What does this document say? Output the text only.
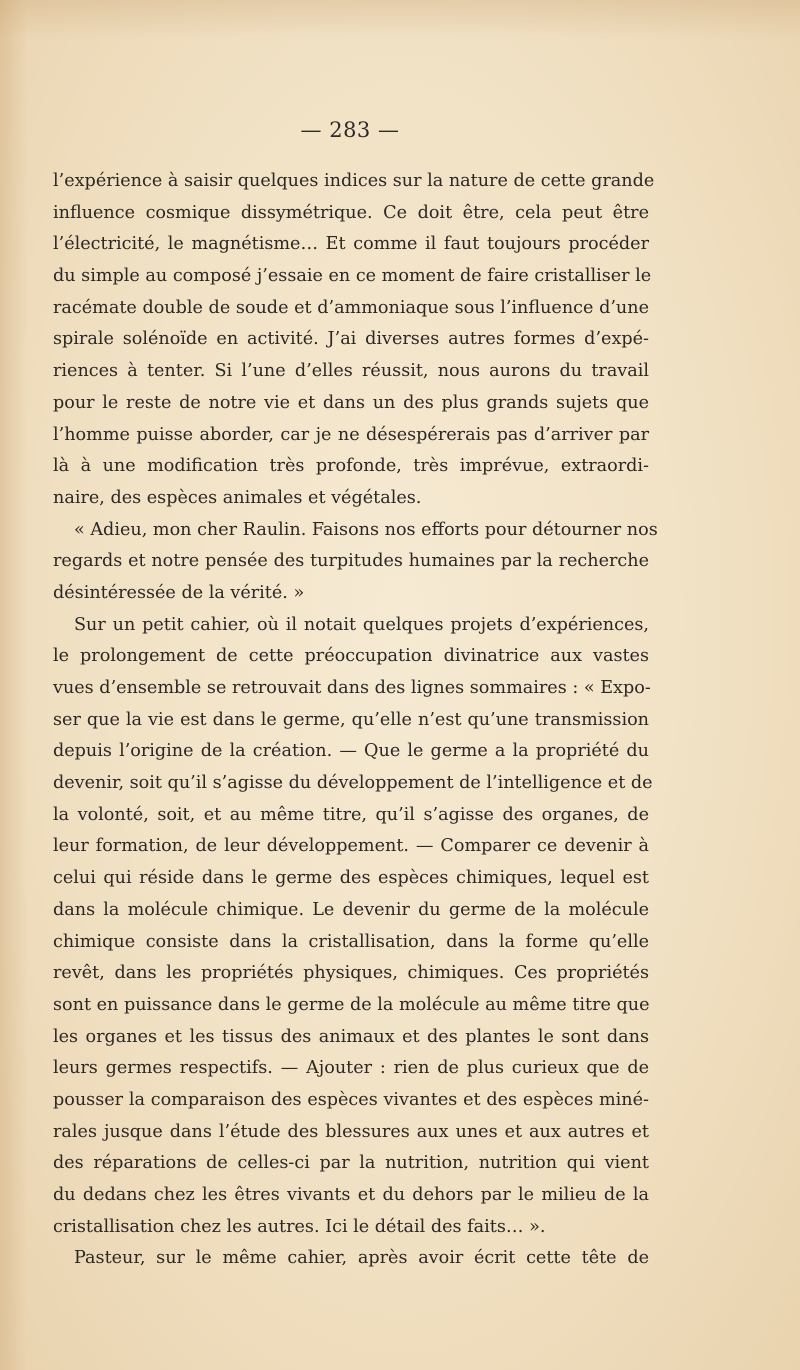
— 283 —
l’expérience à saisir quelques indices sur la nature de cette grande
influence cosmique dissymétrique. Ce doit être, cela peut être
l’électricité, le magnétisme… Et comme il faut toujours procéder
du simple au composé j’essaie en ce moment de faire cristalliser le
racémate double de soude et d’ammoniaque sous l’influence d’une
spirale solénoïde en activité. J’ai diverses autres formes d’expé-
riences à tenter. Si l’une d’elles réussit, nous aurons du travail
pour le reste de notre vie et dans un des plus grands sujets que
l’homme puisse aborder, car je ne désespérerais pas d’arriver par
là à une modification très profonde, très imprévue, extraordi-
naire, des espèces animales et végétales.
« Adieu, mon cher Raulin. Faisons nos efforts pour détourner nos
regards et notre pensée des turpitudes humaines par la recherche
désintéressée de la vérité. »
Sur un petit cahier, où il notait quelques projets d’expériences,
le prolongement de cette préoccupation divinatrice aux vastes
vues d’ensemble se retrouvait dans des lignes sommaires : « Expo-
ser que la vie est dans le germe, qu’elle n’est qu’une transmission
depuis l’origine de la création. — Que le germe a la propriété du
devenir, soit qu’il s’agisse du développement de l’intelligence et de
la volonté, soit, et au même titre, qu’il s’agisse des organes, de
leur formation, de leur développement. — Comparer ce devenir à
celui qui réside dans le germe des espèces chimiques, lequel est
dans la molécule chimique. Le devenir du germe de la molécule
chimique consiste dans la cristallisation, dans la forme qu’elle
revêt, dans les propriétés physiques, chimiques. Ces propriétés
sont en puissance dans le germe de la molécule au même titre que
les organes et les tissus des animaux et des plantes le sont dans
leurs germes respectifs. — Ajouter : rien de plus curieux que de
pousser la comparaison des espèces vivantes et des espèces miné-
rales jusque dans l’étude des blessures aux unes et aux autres et
des réparations de celles-ci par la nutrition, nutrition qui vient
du dedans chez les êtres vivants et du dehors par le milieu de la
cristallisation chez les autres. Ici le détail des faits… ».
Pasteur, sur le même cahier, après avoir écrit cette tête de
